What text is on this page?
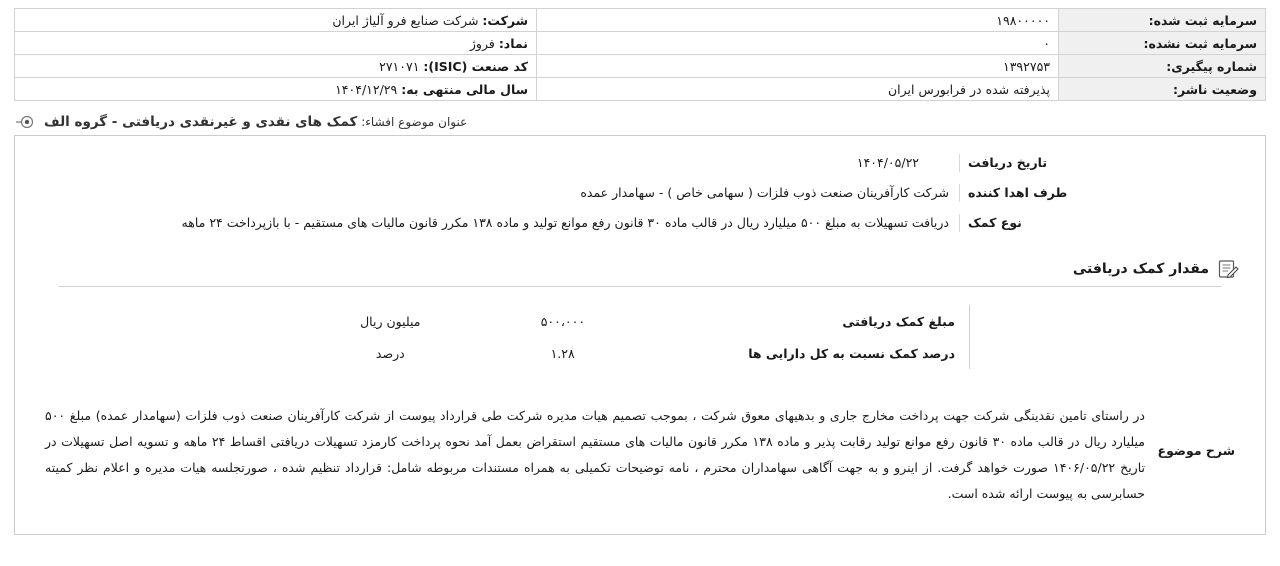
سرمایه ثبت شده:	۱۹۸۰۰۰۰۰	شرکت: شرکت صنایع فرو آلیاژ ایران
سرمایه ثبت نشده:	۰	نماد: فروژ
شماره پیگیری:	۱۳۹۲۷۵۳	کد صنعت (ISIC): ۲۷۱۰۷۱
وضعیت ناشر:	پذیرفته شده در فرابورس ایران	سال مالی منتهی به: ۱۴۰۴/۱۲/۲۹
عنوان موضوع افشاء: کمک های نقدی و غیرنقدی دریافتی - گروه الف
تاریخ دریافت
۱۴۰۴/۰۵/۲۲
طرف اهدا کننده
شرکت کارآفرینان صنعت ذوب فلزات ( سهامی خاص ) - سهامدار عمده
نوع کمک
دریافت تسهیلات به مبلغ ۵۰۰ میلیارد ریال در قالب ماده ۳۰ قانون رفع موانع تولید و ماده ۱۳۸ مکرر قانون مالیات های مستقیم - با بازپرداخت ۲۴ ماهه
مقدار کمک دریافتی
مبلغ کمک دریافتی	۵۰۰،۰۰۰	میلیون ریال
درصد کمک نسبت به کل دارایی ها	۱.۲۸	درصد
شرح موضوع
در راستای تامین نقدینگی شرکت جهت پرداخت مخارج جاری و بدهیهای معوق شرکت ، بموجب تصمیم هیات مدیره شرکت طی قرارداد پیوست از شرکت کارآفرینان صنعت ذوب فلزات (سهامدار عمده) مبلغ ۵۰۰ میلیارد ریال در قالب ماده ۳۰ قانون رفع موانع تولید رقابت پذیر و ماده ۱۳۸ مکرر قانون مالیات های مستقیم استقراض بعمل آمد نحوه پرداخت کارمزد تسهیلات دریافتی اقساط ۲۴ ماهه و تسویه اصل تسهیلات در تاریخ ۱۴۰۶/۰۵/۲۲ صورت خواهد گرفت. از اینرو و به جهت آگاهی سهامداران محترم ، نامه توضیحات تکمیلی به همراه مستندات مربوطه شامل: قرارداد تنظیم شده ، صورتجلسه هیات مدیره و اعلام نظر کمیته حسابرسی به پیوست ارائه شده است.
